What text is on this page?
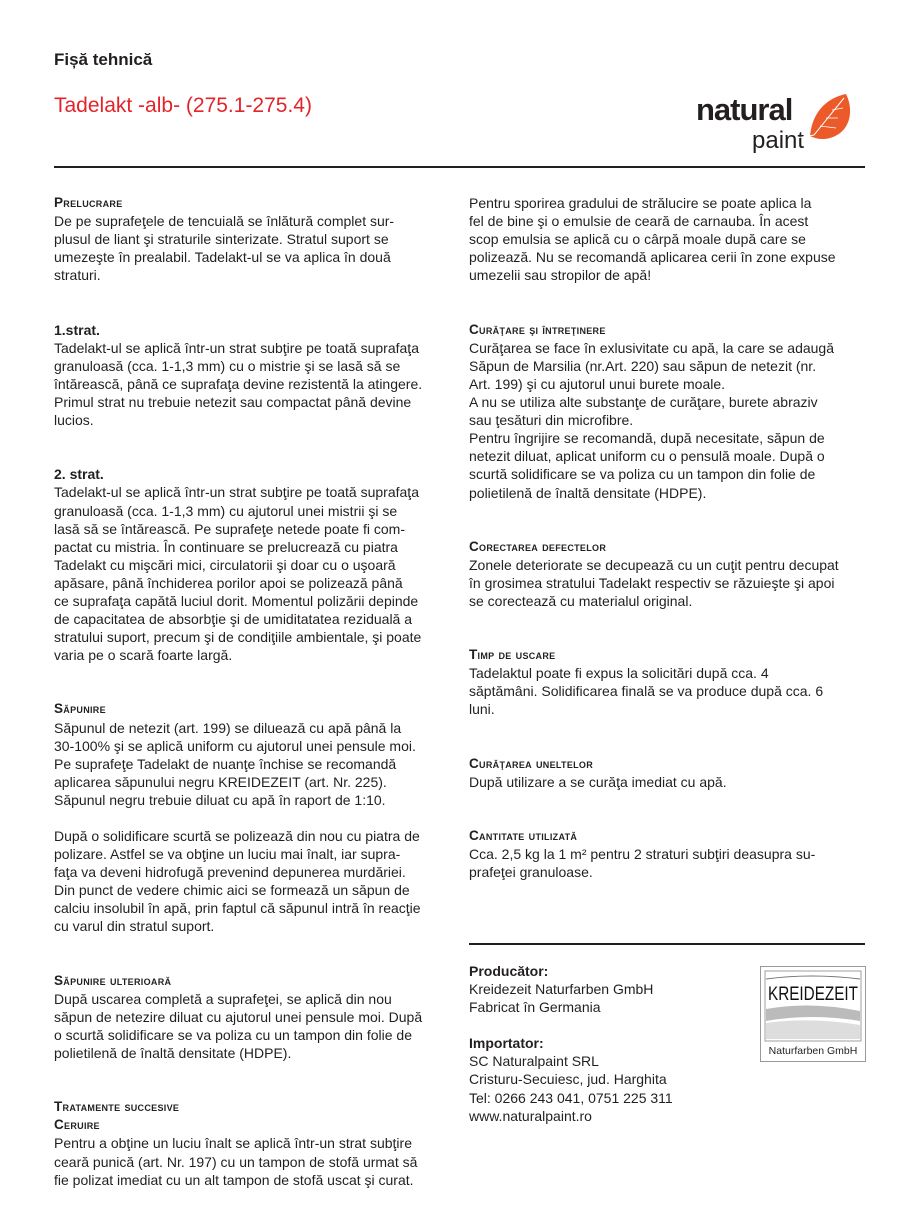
Fișă tehnică
Tadelakt -alb- (275.1-275.4)	natural
paint

Prelucrare
De pe suprafeţele de tencuială se înlătură complet sur-
plusul de liant şi straturile sinterizate. Stratul suport se
umezeşte în prealabil. Tadelakt-ul se va aplica în două
straturi.

1.strat.
Tadelakt-ul se aplică într-un strat subţire pe toată suprafaţa
granuloasă (cca. 1-1,3 mm) cu o mistrie şi se lasă să se
întărească, până ce suprafaţa devine rezistentă la atingere.
Primul strat nu trebuie netezit sau compactat până devine
lucios.

2. strat.
Tadelakt-ul se aplică într-un strat subţire pe toată suprafaţa
granuloasă (cca. 1-1,3 mm) cu ajutorul unei mistrii şi se
lasă să se întărească. Pe suprafeţe netede poate fi com-
pactat cu mistria. În continuare se prelucrează cu piatra
Tadelakt cu mişcări mici, circulatorii şi doar cu o uşoară
apăsare, până închiderea porilor apoi se polizează până
ce suprafaţa capătă luciul dorit. Momentul polizării depinde
de capacitatea de absorbţie şi de umiditatatea reziduală a
stratului suport, precum şi de condiţiile ambientale, şi poate
varia pe o scară foarte largă.

Săpunire
Săpunul de netezit (art. 199) se diluează cu apă până la
30-100% şi se aplică uniform cu ajutorul unei pensule moi.
Pe suprafeţe Tadelakt de nuanţe închise se recomandă
aplicarea săpunului negru KREIDEZEIT (art. Nr. 225).
Săpunul negru trebuie diluat cu apă în raport de 1:10.
După o solidificare scurtă se polizează din nou cu piatra de
polizare. Astfel se va obţine un luciu mai înalt, iar supra-
faţa va deveni hidrofugă prevenind depunerea murdăriei.
Din punct de vedere chimic aici se formează un săpun de
calciu insolubil în apă, prin faptul că săpunul intră în reacţie
cu varul din stratul suport.

Săpunire ulterioară
După uscarea completă a suprafeţei, se aplică din nou
săpun de netezire diluat cu ajutorul unei pensule moi. După
o scurtă solidificare se va poliza cu un tampon din folie de
polietilenă de înaltă densitate (HDPE).

Tratamente succesive
Ceruire
Pentru a obţine un luciu înalt se aplică într-un strat subţire
ceară punică (art. Nr. 197) cu un tampon de stofă urmat să
fie polizat imediat cu un alt tampon de stofă uscat şi curat.

Pentru sporirea gradului de strălucire se poate aplica la
fel de bine şi o emulsie de ceară de carnauba. În acest
scop emulsia se aplică cu o cârpă moale după care se
polizează. Nu se recomandă aplicarea cerii în zone expuse
umezelii sau stropilor de apă!

Curăţare şi întreţinere
Curăţarea se face în exlusivitate cu apă, la care se adaugă
Săpun de Marsilia (nr.Art. 220) sau săpun de netezit (nr.
Art. 199) şi cu ajutorul unui burete moale.
A nu se utiliza alte substanţe de curăţare, burete abraziv
sau ţesături din microfibre.
Pentru îngrijire se recomandă, după necesitate, săpun de
netezit diluat, aplicat uniform cu o pensulă moale. După o
scurtă solidificare se va poliza cu un tampon din folie de
polietilenă de înaltă densitate (HDPE).

Corectarea defectelor
Zonele deteriorate se decupează cu un cuţit pentru decupat
în grosimea stratului Tadelakt respectiv se răzuieşte şi apoi
se corectează cu materialul original.

Timp de uscare
Tadelaktul poate fi expus la solicitări după cca. 4
săptămâni. Solidificarea finală se va produce după cca. 6
luni.

Curăţarea uneltelor
După utilizare a se curăţa imediat cu apă.

Cantitate utilizată
Cca. 2,5 kg la 1 m² pentru 2 straturi subţiri deasupra su-
prafeţei granuloase.

Producător:
Kreidezeit Naturfarben GmbH
Fabricat în Germania
Importator:
SC Naturalpaint SRL
Cristuru-Secuiesc, jud. Harghita
Tel: 0266 243 041, 0751 225 311
www.naturalpaint.ro
KREIDEZEIT
Naturfarben GmbH
